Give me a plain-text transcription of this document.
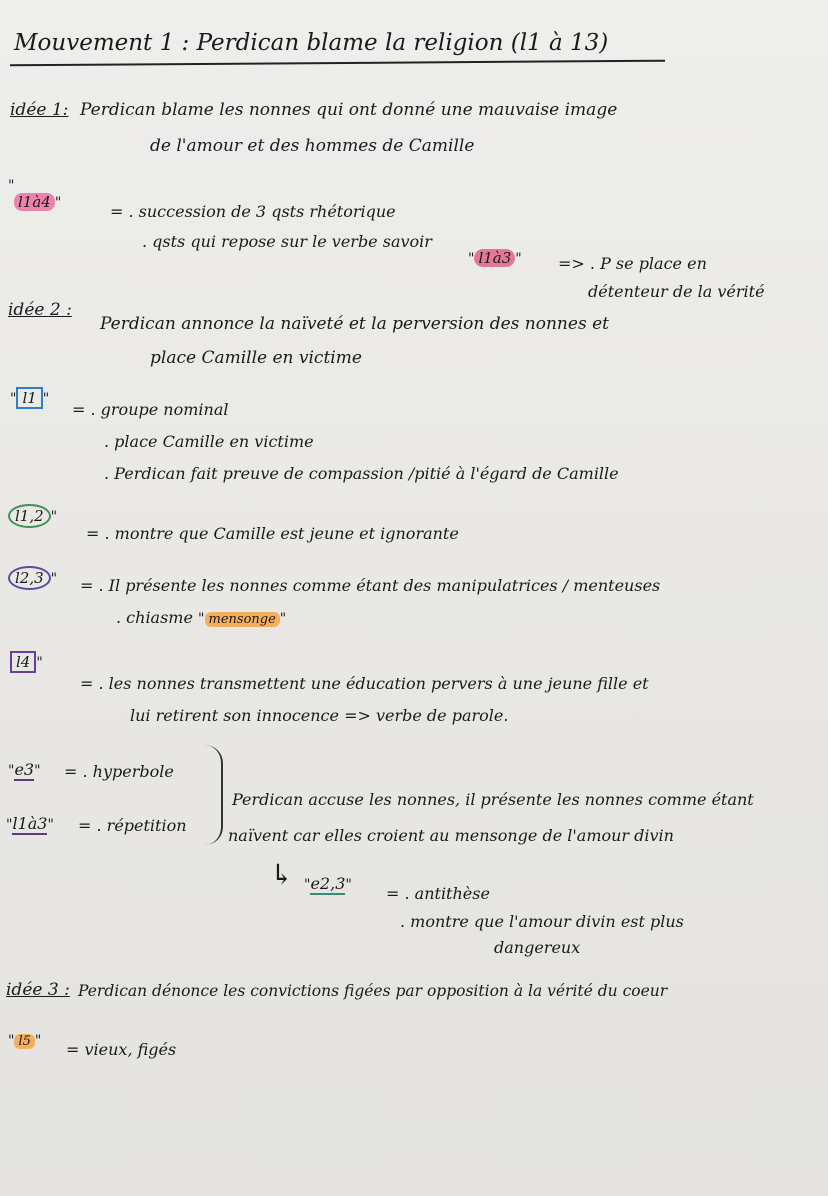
Mouvement 1 : Perdican blame la religion (l1 à 13)
idée 1: Perdican blame les nonnes qui ont donné une mauvaise image
de l'amour et des hommes de Camille
"
l1à4 "	= . succession de 3 qsts rhétorique
. qsts qui repose sur le verbe savoir
" l1à3 " => . P se place en
détenteur de la vérité
idée 2 :
Perdican annonce la naïveté et la perversion des nonnes et
place Camille en victime
" l1 "
= . groupe nominal
. place Camille en victime
. Perdican fait preuve de compassion /pitié à l'égard de Camille
l1,2 "
= . montre que Camille est jeune et ignorante
l2,3 " = . Il présente les nonnes comme étant des manipulatrices / menteuses
. chiasme " mensonge "
l4 "
= . les nonnes transmettent une éducation pervers à une jeune fille et
lui retirent son innocence => verbe de parole.
"e3" = . hyperbole
"l1à3" = . répetition
Perdican accuse les nonnes, il présente les nonnes comme étant
naïvent car elles croient au mensonge de l'amour divin
↳ "e2,3" = . antithèse
. montre que l'amour divin est plus
dangereux
idée 3 : Perdican dénonce les convictions figées par opposition à la vérité du coeur
" l5 " = vieux, figés
